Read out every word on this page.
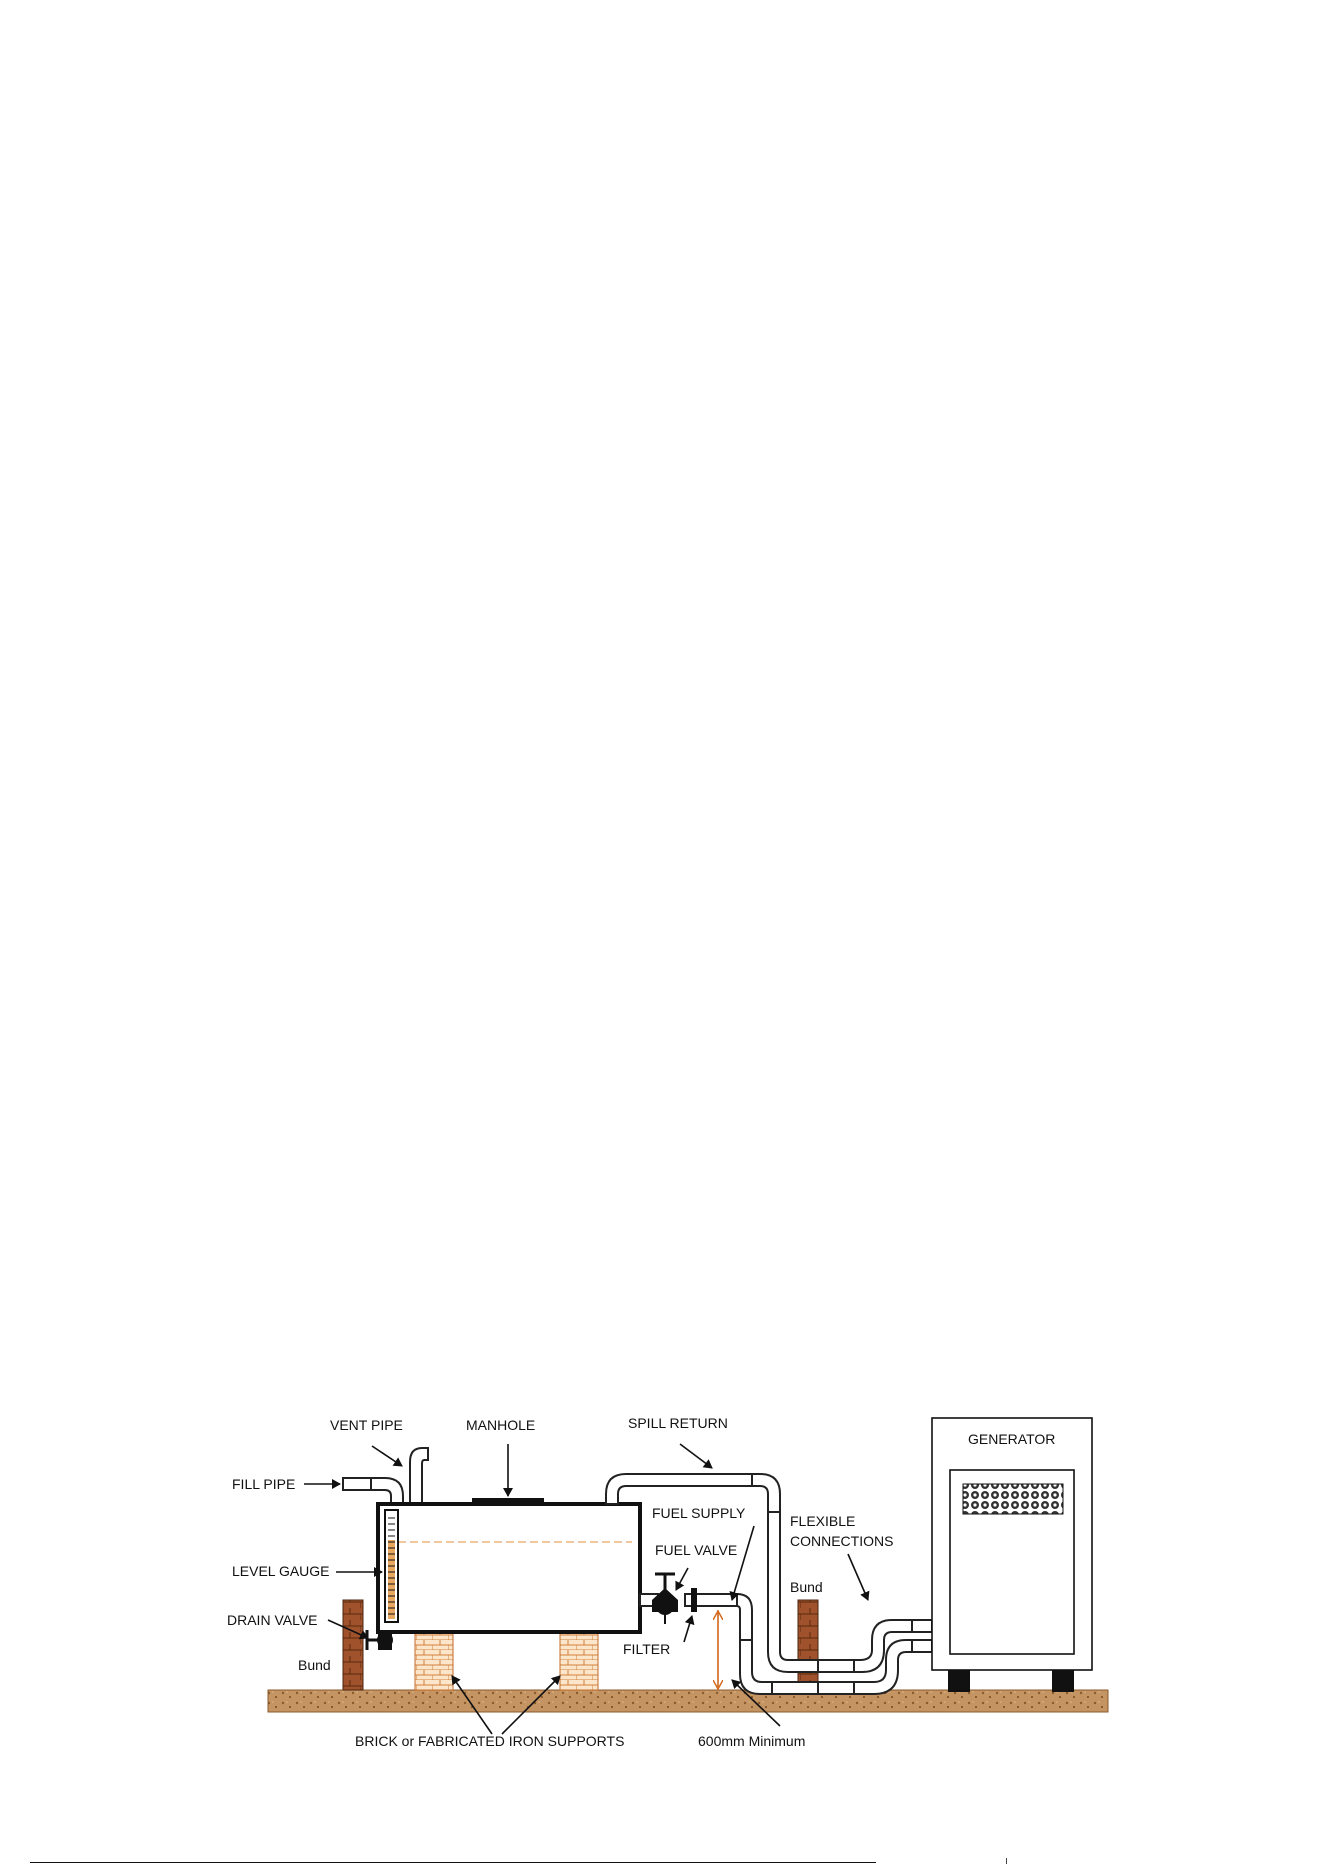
FILL PIPE
VENT PIPE	MANHOLE	SPILL RETURN
GENERATOR
FUEL SUPPLY
FUEL VALVE
FLEXIBLE
CONNECTIONS
LEVEL GAUGE
DRAIN VALVE
Bund
Bund
FILTER
BRICK or FABRICATED IRON SUPPORTS	600mm Minimum
